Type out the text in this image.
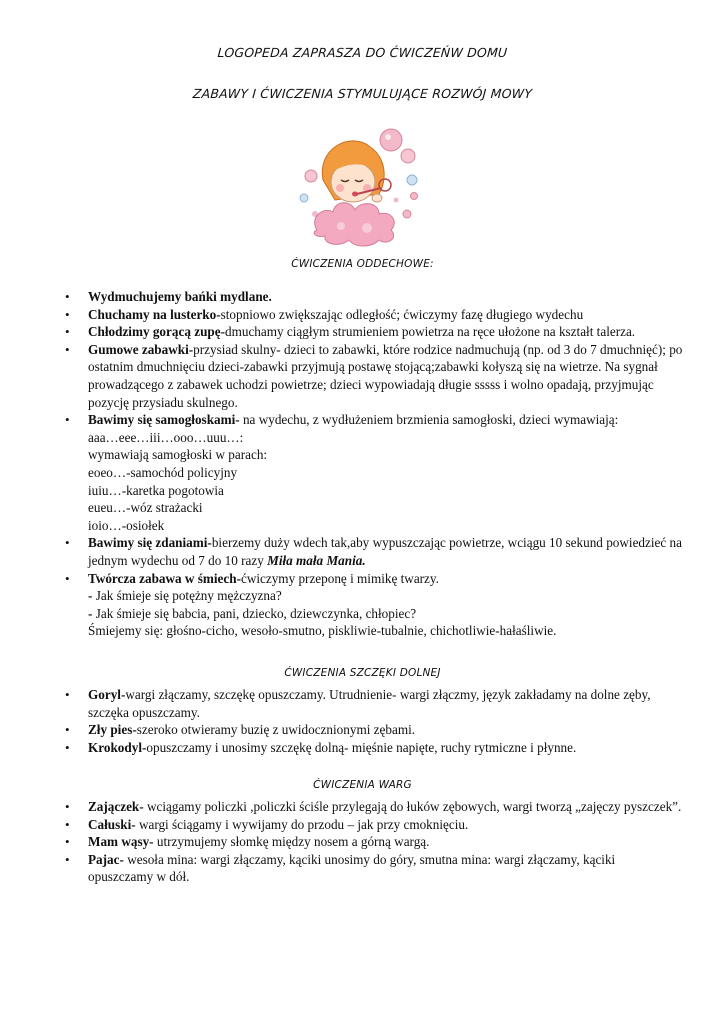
LOGOPEDA ZAPRASZA DO ĆWICZEŃW DOMU
ZABAWY I ĆWICZENIA STYMULUJĄCE ROZWÓJ MOWY
ĆWICZENIA ODDECHOWE:
• Wydmuchujemy bańki mydlane.
• Chuchamy na lusterko-stopniowo zwiększając odległość; ćwiczymy fazę długiego wydechu
• Chłodzimy gorącą zupę-dmuchamy ciągłym strumieniem powietrza na ręce ułożone na kształt talerza.
• Gumowe zabawki-przysiad skulny- dzieci to zabawki, które rodzice nadmuchują (np. od 3 do 7 dmuchnięć); po ostatnim dmuchnięciu dzieci-zabawki przyjmują postawę stojącą;zabawki kołyszą się na wietrze. Na sygnał prowadzącego z zabawek uchodzi powietrze; dzieci wypowiadają długie sssss i wolno opadają, przyjmując pozycję przysiadu skulnego.
• Bawimy się samogłoskami- na wydechu, z wydłużeniem brzmienia samogłoski, dzieci wymawiają:
aaa…eee…iii…ooo…uuu…:
wymawiają samogłoski w parach:
eoeo…-samochód policyjny
iuiu…-karetka pogotowia
eueu…-wóz strażacki
ioio…-osiołek
• Bawimy się zdaniami-bierzemy duży wdech tak,aby wypuszczając powietrze, wciągu 10 sekund powiedzieć na jednym wydechu od 7 do 10 razy Miła mała Mania.
• Twórcza zabawa w śmiech-ćwiczymy przeponę i mimikę twarzy.
- Jak śmieje się potężny mężczyzna?
- Jak śmieje się babcia, pani, dziecko, dziewczynka, chłopiec?
Śmiejemy się: głośno-cicho, wesoło-smutno, piskliwie-tubalnie, chichotliwie-hałaśliwie.
ĆWICZENIA SZCZĘKI DOLNEJ
• Goryl-wargi złączamy, szczękę opuszczamy. Utrudnienie- wargi złączmy, język zakładamy na dolne zęby, szczęka opuszczamy.
• Zły pies-szeroko otwieramy buzię z uwidocznionymi zębami.
• Krokodyl-opuszczamy i unosimy szczękę dolną- mięśnie napięte, ruchy rytmiczne i płynne.
ĆWICZENIA WARG
• Zajączek- wciągamy policzki ,policzki ściśle przylegają do łuków zębowych, wargi tworzą „zajęczy pyszczek”.
• Całuski- wargi ściągamy i wywijamy do przodu – jak przy cmoknięciu.
• Mam wąsy- utrzymujemy słomkę między nosem a górną wargą.
• Pajac- wesoła mina: wargi złączamy, kąciki unosimy do góry, smutna mina: wargi złączamy, kąciki opuszczamy w dół.
